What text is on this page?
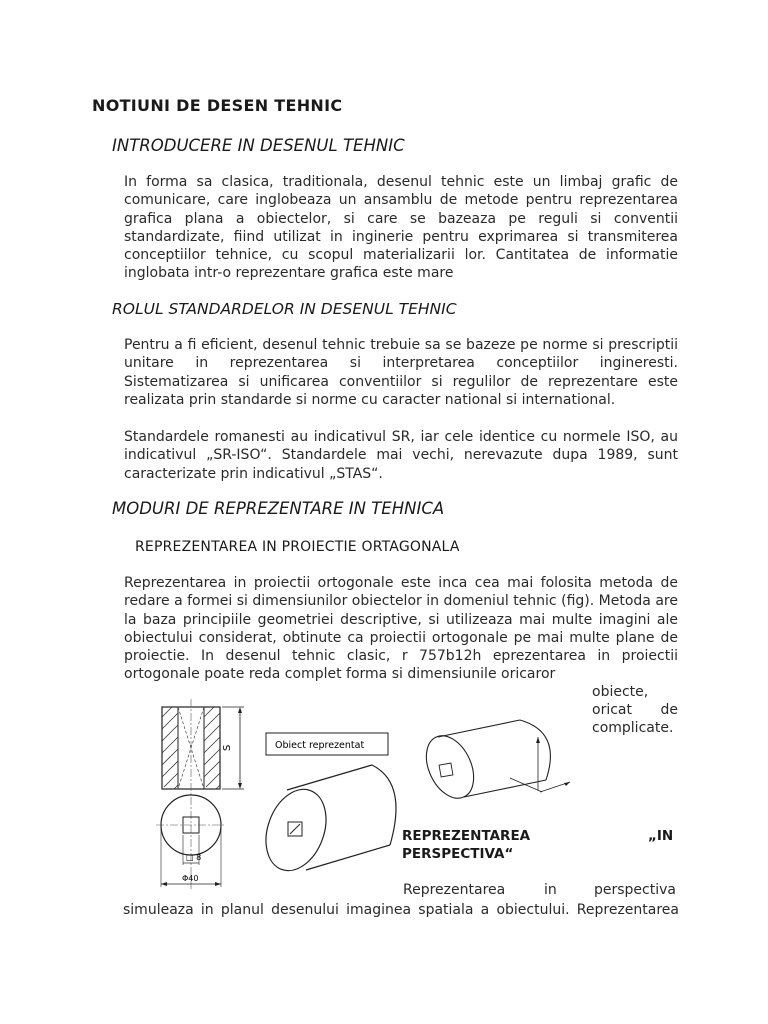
NOTIUNI DE DESEN TEHNIC
INTRODUCERE IN DESENUL TEHNIC
In forma sa clasica, traditionala, desenul tehnic este un limbaj grafic de comunicare, care inglobeaza un ansamblu de metode pentru reprezentarea grafica plana a obiectelor, si care se bazeaza pe reguli si conventii standardizate, fiind utilizat in inginerie pentru exprimarea si transmiterea conceptiilor tehnice, cu scopul materializarii lor. Cantitatea de informatie inglobata intr-o reprezentare grafica este mare
ROLUL STANDARDELOR IN DESENUL TEHNIC
Pentru a fi eficient, desenul tehnic trebuie sa se bazeze pe norme si prescriptii unitare in reprezentarea si interpretarea conceptiilor ingineresti. Sistematizarea si unificarea conventiilor si regulilor de reprezentare este realizata prin standarde si norme cu caracter national si international.
Standardele romanesti au indicativul SR, iar cele identice cu normele ISO, au indicativul „SR-ISO“. Standardele mai vechi, nerevazute dupa 1989, sunt caracterizate prin indicativul „STAS“.
MODURI DE REPREZENTARE IN TEHNICA
REPREZENTAREA IN PROIECTIE ORTAGONALA
Reprezentarea in proiectii ortogonale este inca cea mai folosita metoda de redare a formei si dimensiunilor obiectelor in domeniul tehnic (fig). Metoda are la baza principiile geometriei descriptive, si utilizeaza mai multe imagini ale obiectului considerat, obtinute ca proiectii ortogonale pe mai multe plane de proiectie. In desenul tehnic clasic, r 757b12h eprezentarea in proiectii ortogonale poate reda complet forma si dimensiunile oricaror
obiecte,
oricat de
complicate.
S
□ 8
Φ40
Obiect reprezentat
REPREZENTAREA	„IN
PERSPECTIVA“
Reprezentarea	in	perspectiva
simuleaza in planul desenului imaginea spatiala a obiectului. Reprezentarea
